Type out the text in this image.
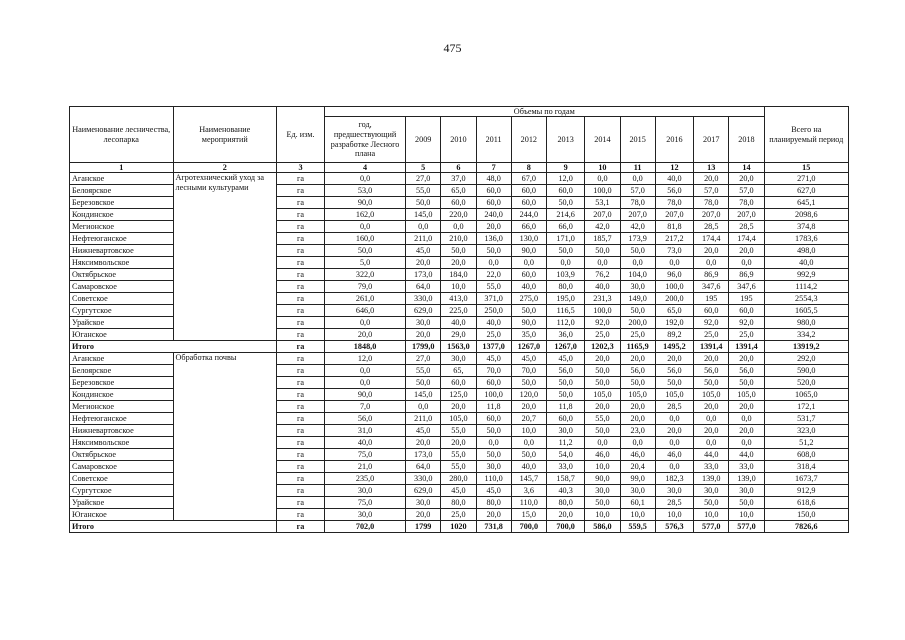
475
Наименование лесничества, лесопарка	Наименование мероприятий	Ед. изм.	Объемы по годам											Всего на планируемый период
			год, предшествующий разработке Лесного плана	2009	2010	2011	2012	2013	2014	2015	2016	2017	2018	
1	2	3	4	5	6	7	8	9	10	11	12	13	14	15
Аганское	Агротехнический уход за лесными культурами	га	0,0	27,0	37,0	48,0	67,0	12,0	0,0	0,0	40,0	20,0	20,0	271,0
Белоярское		га	53,0	55,0	65,0	60,0	60,0	60,0	100,0	57,0	56,0	57,0	57,0	627,0
Березовское		га	90,0	50,0	60,0	60,0	60,0	50,0	53,1	78,0	78,0	78,0	78,0	645,1
Кондинское		га	162,0	145,0	220,0	240,0	244,0	214,6	207,0	207,0	207,0	207,0	207,0	2098,6
Мегионское		га	0,0	0,0	0,0	20,0	66,0	66,0	42,0	42,0	81,8	28,5	28,5	374,8
Нефтеюганское		га	160,0	211,0	210,0	136,0	130,0	171,0	185,7	173,9	217,2	174,4	174,4	1783,6
Нижневартовское		га	50,0	45,0	50,0	50,0	90,0	50,0	50,0	50,0	73,0	20,0	20,0	498,0
Няксимвольское		га	5,0	20,0	20,0	0,0	0,0	0,0	0,0	0,0	0,0	0,0	0,0	40,0
Октябрьское		га	322,0	173,0	184,0	22,0	60,0	103,9	76,2	104,0	96,0	86,9	86,9	992,9
Самаровское		га	79,0	64,0	10,0	55,0	40,0	80,0	40,0	30,0	100,0	347,6	347,6	1114,2
Советское		га	261,0	330,0	413,0	371,0	275,0	195,0	231,3	149,0	200,0	195	195	2554,3
Сургутское		га	646,0	629,0	225,0	250,0	50,0	116,5	100,0	50,0	65,0	60,0	60,0	1605,5
Урайское		га	0,0	30,0	40,0	40,0	90,0	112,0	92,0	200,0	192,0	92,0	92,0	980,0
Юганское		га	20,0	20,0	29,0	25,0	35,0	36,0	25,0	25,0	89,2	25,0	25,0	334,2
Итого		га	1848,0	1799,0	1563,0	1377,0	1267,0	1267,0	1202,3	1165,9	1495,2	1391,4	1391,4	13919,2
Аганское	Обработка почвы	га	12,0	27,0	30,0	45,0	45,0	45,0	20,0	20,0	20,0	20,0	20,0	292,0
Белоярское		га	0,0	55,0	65,	70,0	70,0	56,0	50,0	56,0	56,0	56,0	56,0	590,0
Березовское		га	0,0	50,0	60,0	60,0	50,0	50,0	50,0	50,0	50,0	50,0	50,0	520,0
Кондинское		га	90,0	145,0	125,0	100,0	120,0	50,0	105,0	105,0	105,0	105,0	105,0	1065,0
Мегионское		га	7,0	0,0	20,0	11,8	20,0	11,8	20,0	20,0	28,5	20,0	20,0	172,1
Нефтеюганское		га	56,0	211,0	105,0	60,0	20,7	60,0	55,0	20,0	0,0	0,0	0,0	531,7
Нижневартовское		га	31,0	45,0	55,0	50,0	10,0	30,0	50,0	23,0	20,0	20,0	20,0	323,0
Няксимвольское		га	40,0	20,0	20,0	0,0	0,0	11,2	0,0	0,0	0,0	0,0	0,0	51,2
Октябрьское		га	75,0	173,0	55,0	50,0	50,0	54,0	46,0	46,0	46,0	44,0	44,0	608,0
Самаровское		га	21,0	64,0	55,0	30,0	40,0	33,0	10,0	20,4	0,0	33,0	33,0	318,4
Советское		га	235,0	330,0	280,0	110,0	145,7	158,7	90,0	99,0	182,3	139,0	139,0	1673,7
Сургутское		га	30,0	629,0	45,0	45,0	3,6	40,3	30,0	30,0	30,0	30,0	30,0	912,9
Урайское		га	75,0	30,0	80,0	80,0	110,0	80,0	50,0	60,1	28,5	50,0	50,0	618,6
Юганское		га	30,0	20,0	25,0	20,0	15,0	20,0	10,0	10,0	10,0	10,0	10,0	150,0
Итого		га	702,0	1799	1020	731,8	700,0	700,0	586,0	559,5	576,3	577,0	577,0	7826,6
